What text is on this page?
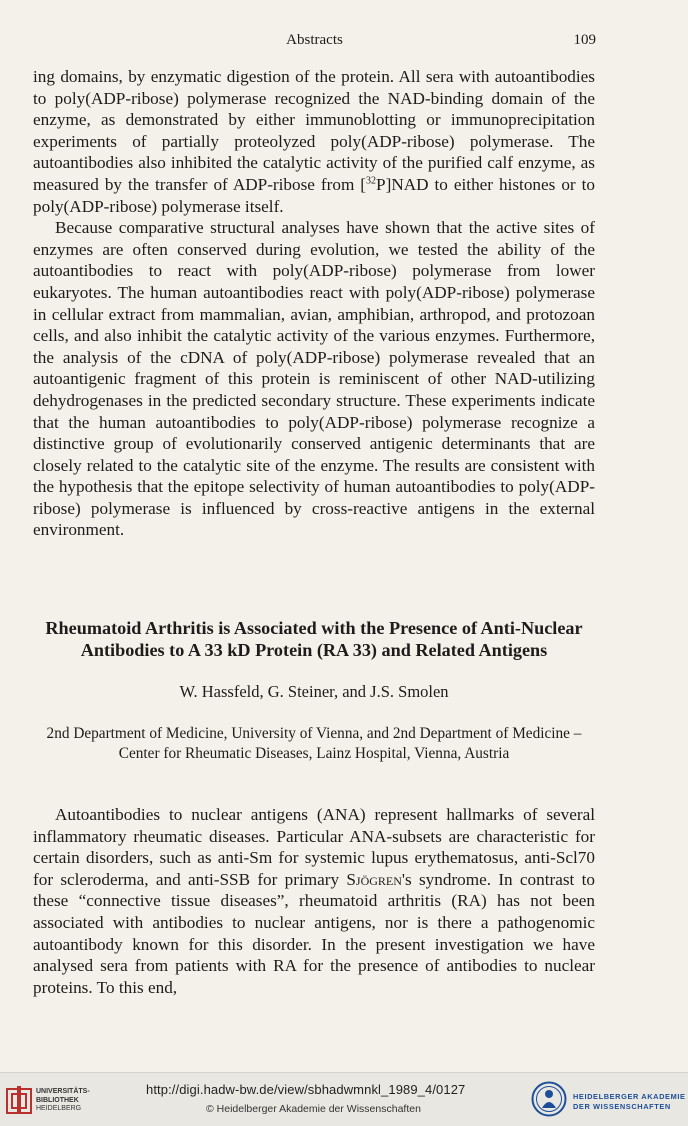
Abstracts	109

ing domains, by enzymatic digestion of the protein. All sera with autoantibodies to poly(ADP-ribose) polymerase recognized the NAD-binding domain of the enzyme, as demonstrated by either immunoblotting or immunoprecipitation experiments of partially proteolyzed poly(ADP-ribose) polymerase. The autoantibodies also inhibited the catalytic activity of the purified calf enzyme, as measured by the transfer of ADP-ribose from [$^{32}$P]NAD to either histones or to poly(ADP-ribose) polymerase itself.

Because comparative structural analyses have shown that the active sites of enzymes are often conserved during evolution, we tested the ability of the autoantibodies to react with poly(ADP-ribose) polymerase from lower eukaryotes. The human autoantibodies react with poly(ADP-ribose) polymerase in cellular extract from mammalian, avian, amphibian, arthropod, and protozoan cells, and also inhibit the catalytic activity of the various enzymes. Furthermore, the analysis of the cDNA of poly(ADP-ribose) polymerase revealed that an autoantigenic fragment of this protein is reminiscent of other NAD-utilizing dehydrogenases in the predicted secondary structure. These experiments indicate that the human autoantibodies to poly(ADP-ribose) polymerase recognize a distinctive group of evolutionarily conserved antigenic determinants that are closely related to the catalytic site of the enzyme. The results are consistent with the hypothesis that the epitope selectivity of human autoantibodies to poly(ADP-ribose) polymerase is influenced by cross-reactive antigens in the external environment.

Rheumatoid Arthritis is Associated with the Presence of Anti-Nuclear
Antibodies to A 33 kD Protein (RA 33) and Related Antigens
W. Hassfeld, G. Steiner, and J.S. Smolen
2nd Department of Medicine, University of Vienna, and 2nd Department of Medicine –
Center for Rheumatic Diseases, Lainz Hospital, Vienna, Austria

Autoantibodies to nuclear antigens (ANA) represent hallmarks of several inflammatory rheumatic diseases. Particular ANA-subsets are characteristic for certain disorders, such as anti-Sm for systemic lupus erythematosus, anti-Scl70 for scleroderma, and anti-SSB for primary Sjögren's syndrome. In contrast to these “connective tissue diseases”, rheumatoid arthritis (RA) has not been associated with antibodies to nuclear antigens, nor is there a pathogenomic autoantibody known for this disorder. In the present investigation we have analysed sera from patients with RA for the presence of antibodies to nuclear proteins. To this end,

UNIVERSITÄTS-
BIBLIOTHEK
HEIDELBERG
http://digi.hadw-bw.de/view/sbhadwmnkl_1989_4/0127
© Heidelberger Akademie der Wissenschaften
HEIDELBERGER AKADEMIE
DER WISSENSCHAFTEN
